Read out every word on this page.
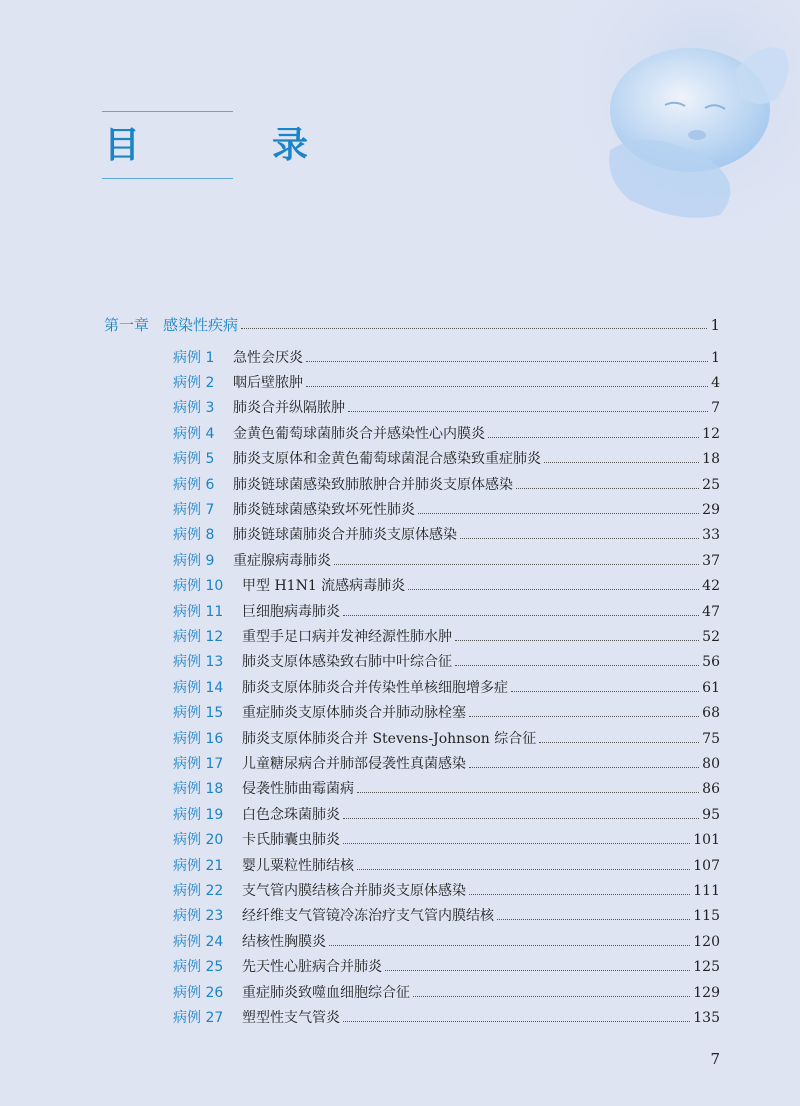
目　录
第一章 感染性疾病	1
病例 1	急性会厌炎	1
病例 2	咽后壁脓肿	4
病例 3	肺炎合并纵隔脓肿	7
病例 4	金黄色葡萄球菌肺炎合并感染性心内膜炎	12
病例 5	肺炎支原体和金黄色葡萄球菌混合感染致重症肺炎	18
病例 6	肺炎链球菌感染致肺脓肿合并肺炎支原体感染	25
病例 7	肺炎链球菌感染致坏死性肺炎	29
病例 8	肺炎链球菌肺炎合并肺炎支原体感染	33
病例 9	重症腺病毒肺炎	37
病例 10	甲型 H1N1 流感病毒肺炎	42
病例 11	巨细胞病毒肺炎	47
病例 12	重型手足口病并发神经源性肺水肿	52
病例 13	肺炎支原体感染致右肺中叶综合征	56
病例 14	肺炎支原体肺炎合并传染性单核细胞增多症	61
病例 15	重症肺炎支原体肺炎合并肺动脉栓塞	68
病例 16	肺炎支原体肺炎合并 Stevens-Johnson 综合征	75
病例 17	儿童糖尿病合并肺部侵袭性真菌感染	80
病例 18	侵袭性肺曲霉菌病	86
病例 19	白色念珠菌肺炎	95
病例 20	卡氏肺囊虫肺炎	101
病例 21	婴儿粟粒性肺结核	107
病例 22	支气管内膜结核合并肺炎支原体感染	111
病例 23	经纤维支气管镜冷冻治疗支气管内膜结核	115
病例 24	结核性胸膜炎	120
病例 25	先天性心脏病合并肺炎	125
病例 26	重症肺炎致噬血细胞综合征	129
病例 27	塑型性支气管炎	135
7
